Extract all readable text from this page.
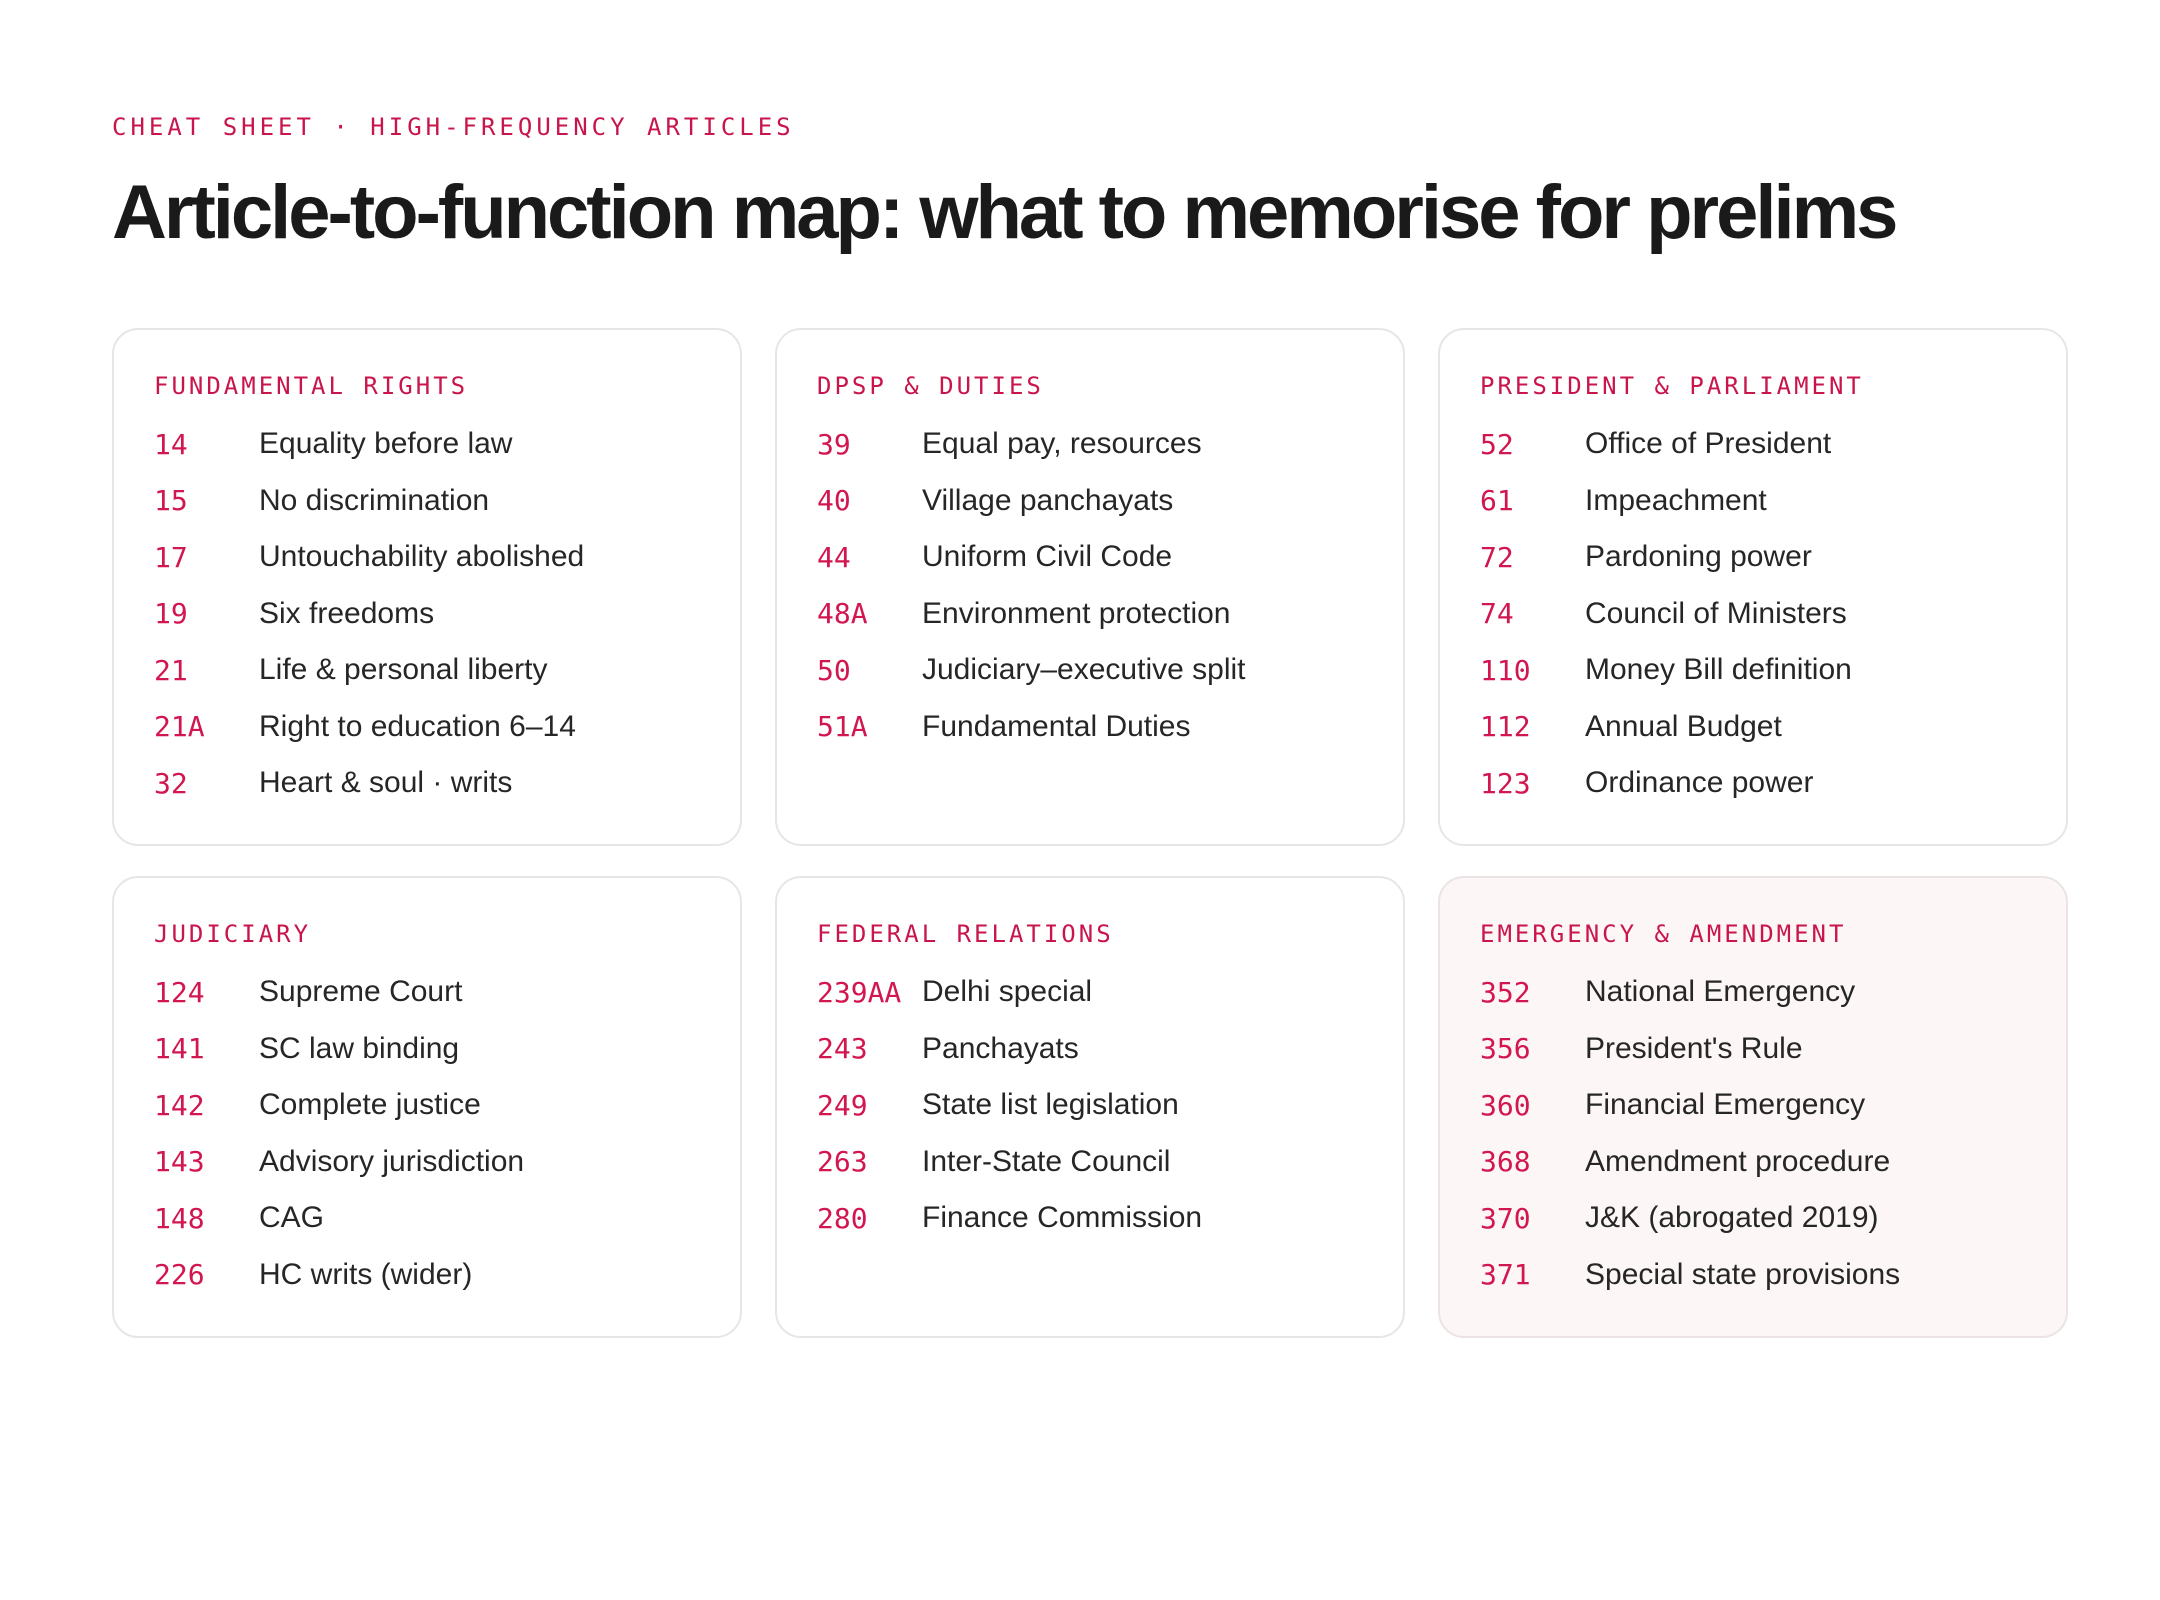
CHEAT SHEET · HIGH-FREQUENCY ARTICLES

Article-to-function map: what to memorise for prelims
FUNDAMENTAL RIGHTS
14	Equality before law
15	No discrimination
17	Untouchability abolished
19	Six freedoms
21	Life & personal liberty
21A	Right to education 6–14
32	Heart & soul · writs
DPSP & DUTIES
39	Equal pay, resources
40	Village panchayats
44	Uniform Civil Code
48A	Environment protection
50	Judiciary–executive split
51A	Fundamental Duties
PRESIDENT & PARLIAMENT
52	Office of President
61	Impeachment
72	Pardoning power
74	Council of Ministers
110	Money Bill definition
112	Annual Budget
123	Ordinance power
JUDICIARY
124	Supreme Court
141	SC law binding
142	Complete justice
143	Advisory jurisdiction
148	CAG
226	HC writs (wider)
FEDERAL RELATIONS
239AA Delhi special
243	Panchayats
249	State list legislation
263	Inter-State Council
280	Finance Commission
EMERGENCY & AMENDMENT
352	National Emergency
356	President's Rule
360	Financial Emergency
368	Amendment procedure
370	J&K (abrogated 2019)
371	Special state provisions
